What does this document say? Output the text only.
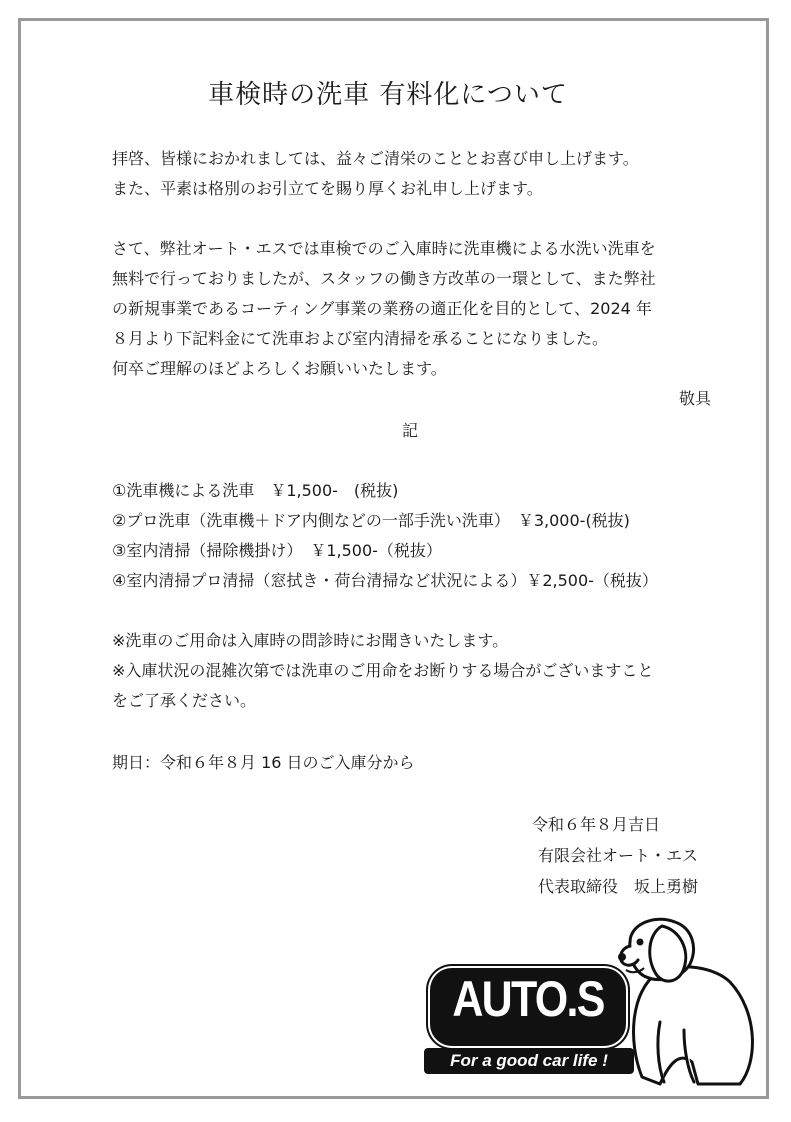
車検時の洗車 有料化について
拝啓、皆様におかれましては、益々ご清栄のこととお喜び申し上げます。
また、平素は格別のお引立てを賜り厚くお礼申し上げます。
さて、弊社オート・エスでは車検でのご入庫時に洗車機による水洗い洗車を
無料で行っておりましたが、スタッフの働き方改革の一環として、また弊社
の新規事業であるコーティング事業の業務の適正化を目的として、2024 年
８月より下記料金にて洗車および室内清掃を承ることになりました。
何卒ご理解のほどよろしくお願いいたします。
敬具
記
①洗車機による洗車　￥1,500-　(税抜)
②プロ洗車（洗車機＋ドア内側などの一部手洗い洗車）　￥3,000-(税抜)
③室内清掃（掃除機掛け）　￥1,500-（税抜）
④室内清掃プロ清掃（窓拭き・荷台清掃など状況による）￥2,500-（税抜）
※洗車のご用命は入庫時の問診時にお聞きいたします。
※入庫状況の混雑次第では洗車のご用命をお断りする場合がございますこと
をご了承ください。
期日：令和６年８月 16 日のご入庫分から
令和６年８月吉日
有限会社オート・エス
代表取締役　坂上勇樹
AUTO.S
For a good car life !
